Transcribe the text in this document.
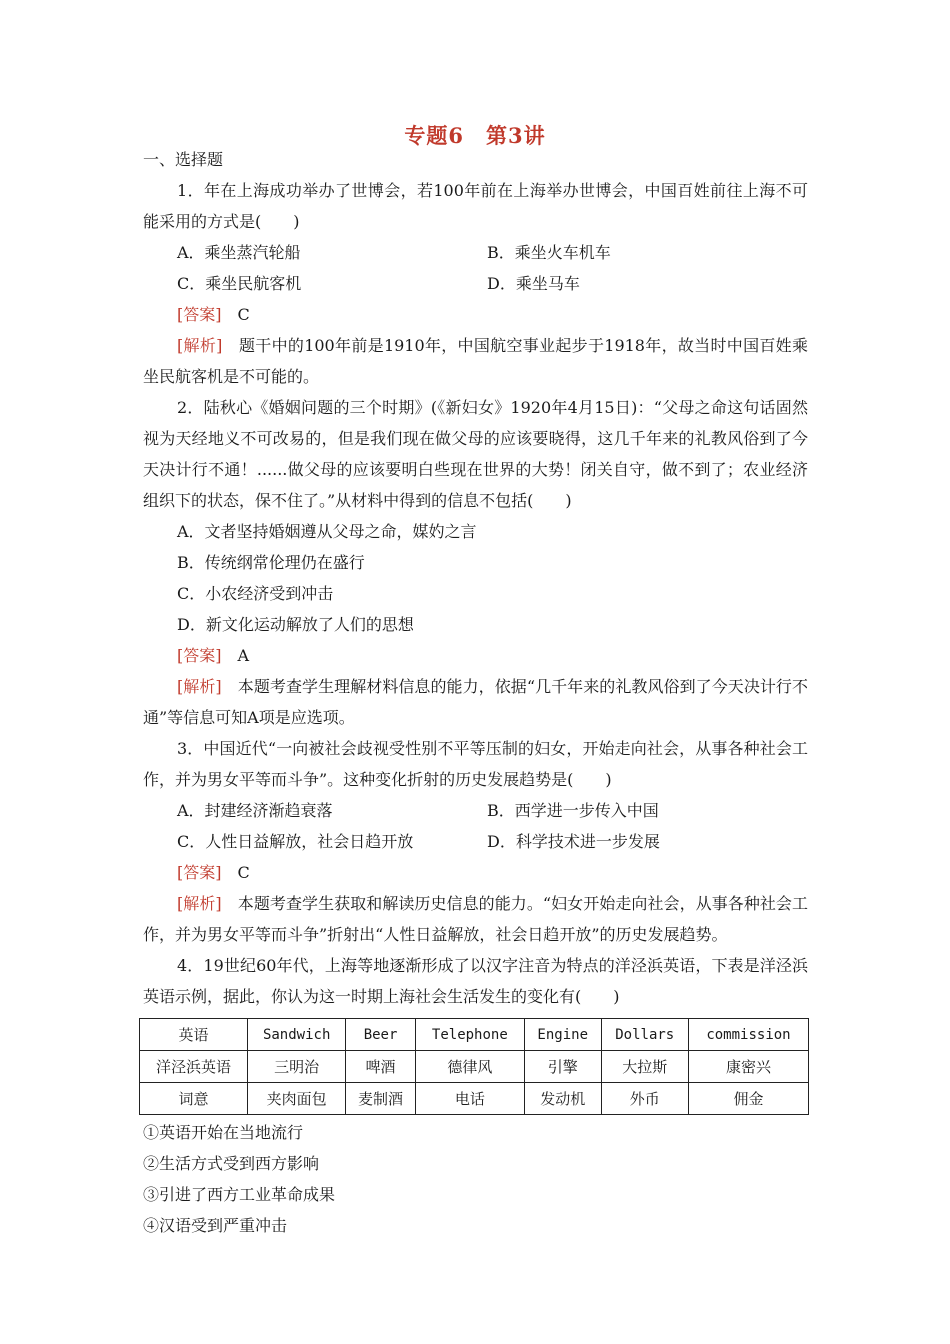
专题6　第3讲

一、选择题

1．年在上海成功举办了世博会，若100年前在上海举办世博会，中国百姓前往上海不可能采用的方式是(　　)

A．乘坐蒸汽轮船	B．乘坐火车机车
C．乘坐民航客机	D．乘坐马车

[答案]　 C

[解析]　 题干中的100年前是1910年，中国航空事业起步于1918年，故当时中国百姓乘坐民航客机是不可能的。

2．陆秋心《婚姻问题的三个时期》(《新妇女》1920年4月15日)：“父母之命这句话固然视为天经地义不可改易的，但是我们现在做父母的应该要晓得，这几千年来的礼教风俗到了今天决计行不通！......做父母的应该要明白些现在世界的大势！闭关自守，做不到了；农业经济组织下的状态，保不住了。”从材料中得到的信息不包括(　　)

A．文者坚持婚姻遵从父母之命，媒妁之言

B．传统纲常伦理仍在盛行

C．小农经济受到冲击

D．新文化运动解放了人们的思想

[答案]　 A

[解析]　 本题考查学生理解材料信息的能力，依据“几千年来的礼教风俗到了今天决计行不通”等信息可知A项是应选项。

3．中国近代“一向被社会歧视受性别不平等压制的妇女，开始走向社会，从事各种社会工作，并为男女平等而斗争”。这种变化折射的历史发展趋势是(　　)

A．封建经济渐趋衰落	B．西学进一步传入中国
C．人性日益解放，社会日趋开放	D．科学技术进一步发展

[答案]　 C

[解析]　 本题考查学生获取和解读历史信息的能力。“妇女开始走向社会，从事各种社会工作，并为男女平等而斗争”折射出“人性日益解放，社会日趋开放”的历史发展趋势。

4．19世纪60年代，上海等地逐渐形成了以汉字注音为特点的洋泾浜英语，下表是洋泾浜英语示例，据此，你认为这一时期上海社会生活发生的变化有(　　)

英语	Sandwich	Beer	Telephone	Engine	Dollars	commission
洋泾浜英语	三明治	啤酒	德律风	引擎	大拉斯	康密兴
词意	夹肉面包	麦制酒	电话	发动机	外币	佣金

①英语开始在当地流行

②生活方式受到西方影响

③引进了西方工业革命成果

④汉语受到严重冲击
